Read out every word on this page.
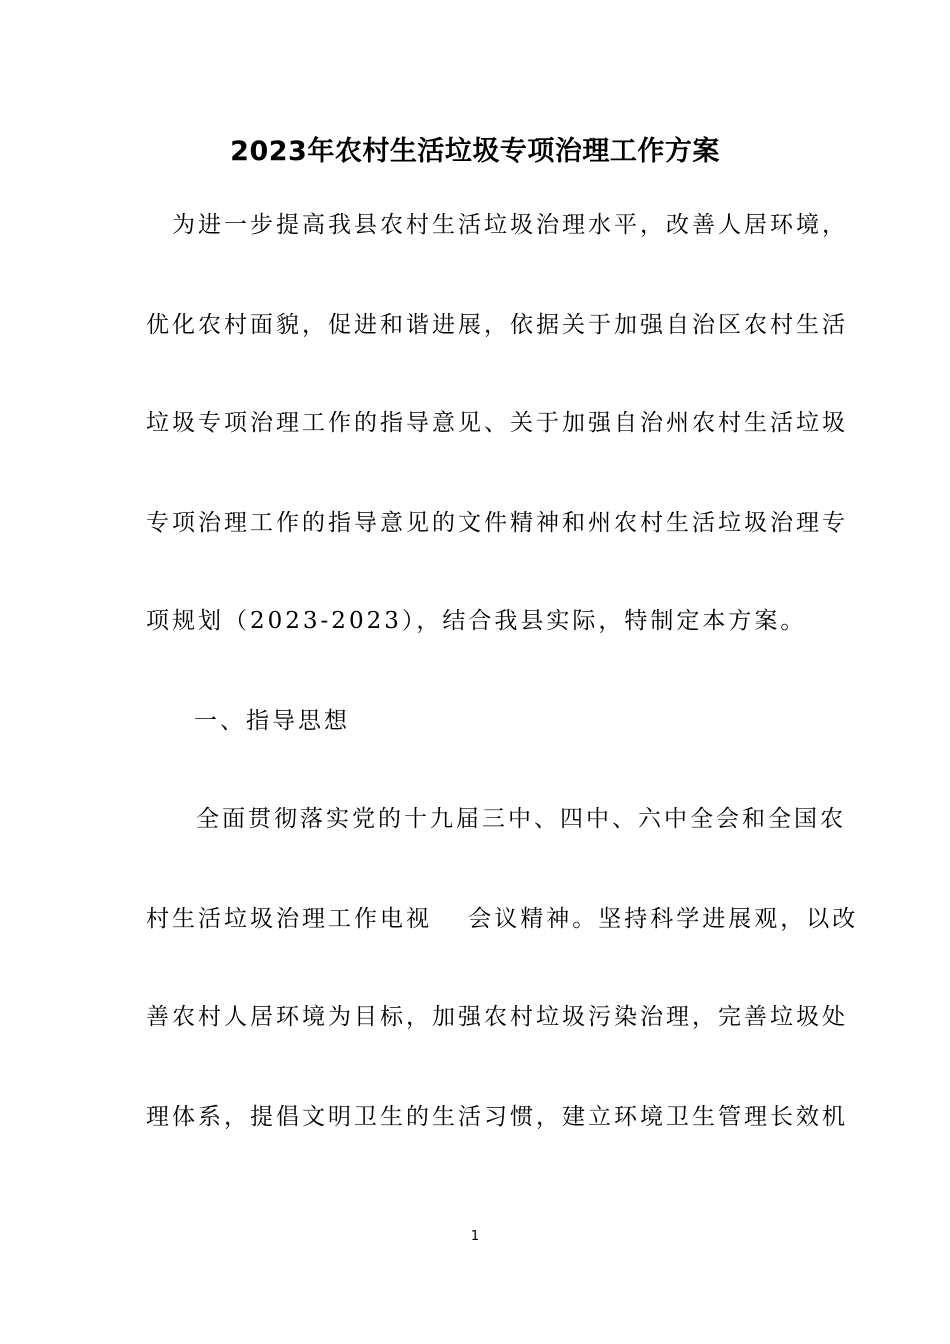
2023年农村生活垃圾专项治理工作方案
为进一步提高我县农村生活垃圾治理水平，改善人居环境，
优化农村面貌，促进和谐进展，依据关于加强自治区农村生活
垃圾专项治理工作的指导意见、关于加强自治州农村生活垃圾
专项治理工作的指导意见的文件精神和州农村生活垃圾治理专
项规划（2023-2023），结合我县实际，特制定本方案。
一、指导思想
全面贯彻落实党的十九届三中、四中、六中全会和全国农
村生活垃圾治理工作电视　 会议精神。坚持科学进展观，以改
善农村人居环境为目标，加强农村垃圾污染治理，完善垃圾处
理体系，提倡文明卫生的生活习惯，建立环境卫生管理长效机
1
